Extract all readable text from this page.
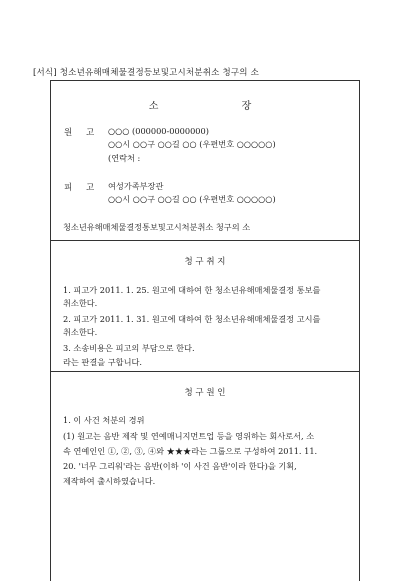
[서식] 청소년유해매체물결정등보및고시처분취소 청구의 소
소 장
원 고 ○○○ (000000-0000000)
○○시 ○○구 ○○길 ○○ (우편번호 ○○○○○)
(연락처 :
피 고 여성가족부장관
○○시 ○○구 ○○길 ○○ (우편번호 ○○○○○)
청소년유해매체물결정통보및고시처분취소 청구의 소
청 구 취 지
1. 피고가 2011. 1. 25. 원고에 대하여 한 청소년유해매체물결정 통보를
취소한다.
2. 피고가 2011. 1. 31. 원고에 대하여 한 청소년유해매체물결정 고시를
취소한다.
3. 소송비용은 피고의 부담으로 한다.
라는 판결을 구합니다.
청 구 원 인
1. 이 사건 처분의 경위
(1) 원고는 음반 제작 및 연예매니지먼트업 등을 영위하는 회사로서, 소
속 연예인인 ①, ②, ③, ④와 ★★★라는 그룹으로 구성하여 2011. 11.
20. '너무 그리워'라는 음반(이하 '이 사건 음반'이라 한다)을 기획,
제작하여 출시하였습니다.
